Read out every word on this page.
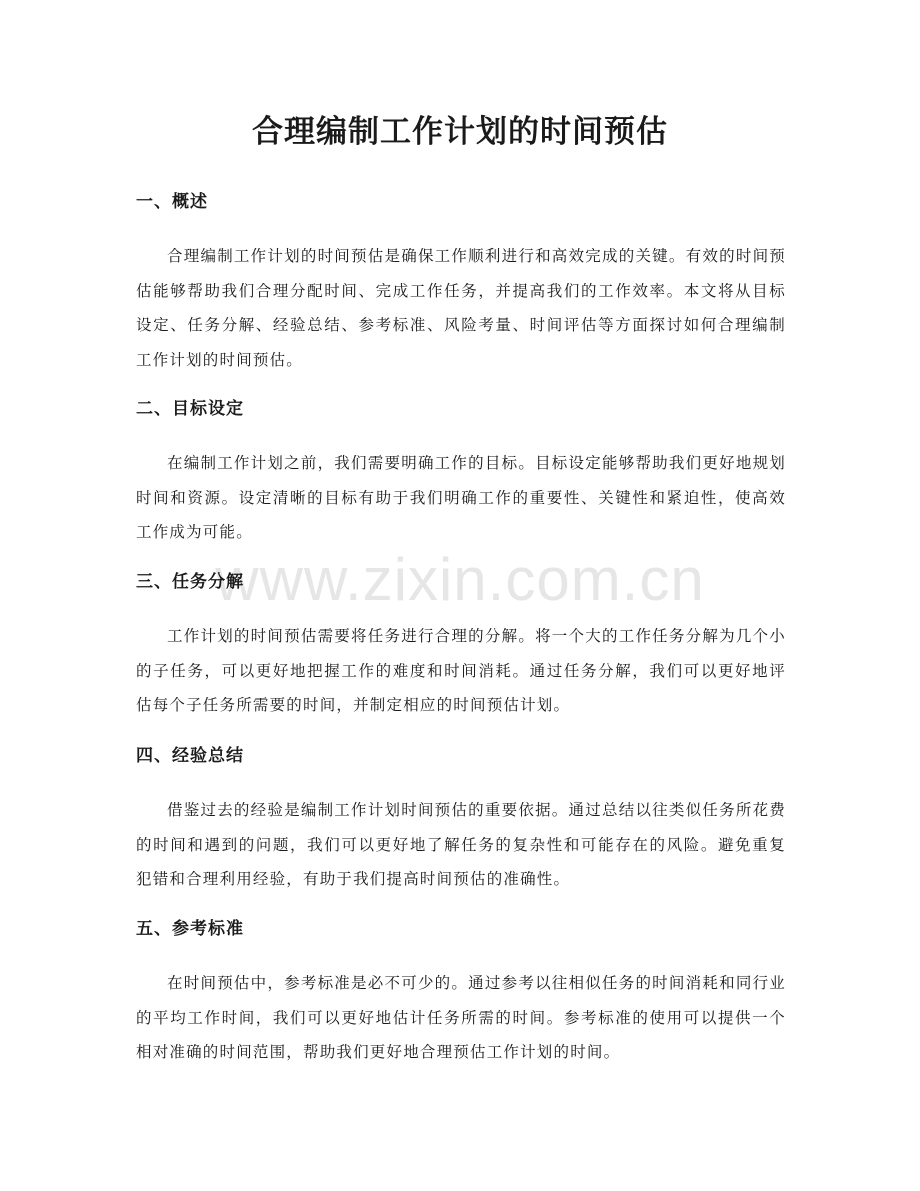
www.zixin.com.cn
合理编制工作计划的时间预估
一、概述

合理编制工作计划的时间预估是确保工作顺利进行和高效完成的关键。有效的时间预估能够帮助我们合理分配时间、完成工作任务，并提高我们的工作效率。本文将从目标设定、任务分解、经验总结、参考标准、风险考量、时间评估等方面探讨如何合理编制工作计划的时间预估。

二、目标设定

在编制工作计划之前，我们需要明确工作的目标。目标设定能够帮助我们更好地规划时间和资源。设定清晰的目标有助于我们明确工作的重要性、关键性和紧迫性，使高效工作成为可能。

三、任务分解

工作计划的时间预估需要将任务进行合理的分解。将一个大的工作任务分解为几个小的子任务，可以更好地把握工作的难度和时间消耗。通过任务分解，我们可以更好地评估每个子任务所需要的时间，并制定相应的时间预估计划。

四、经验总结

借鉴过去的经验是编制工作计划时间预估的重要依据。通过总结以往类似任务所花费的时间和遇到的问题，我们可以更好地了解任务的复杂性和可能存在的风险。避免重复犯错和合理利用经验，有助于我们提高时间预估的准确性。

五、参考标准

在时间预估中，参考标准是必不可少的。通过参考以往相似任务的时间消耗和同行业的平均工作时间，我们可以更好地估计任务所需的时间。参考标准的使用可以提供一个相对准确的时间范围，帮助我们更好地合理预估工作计划的时间。
